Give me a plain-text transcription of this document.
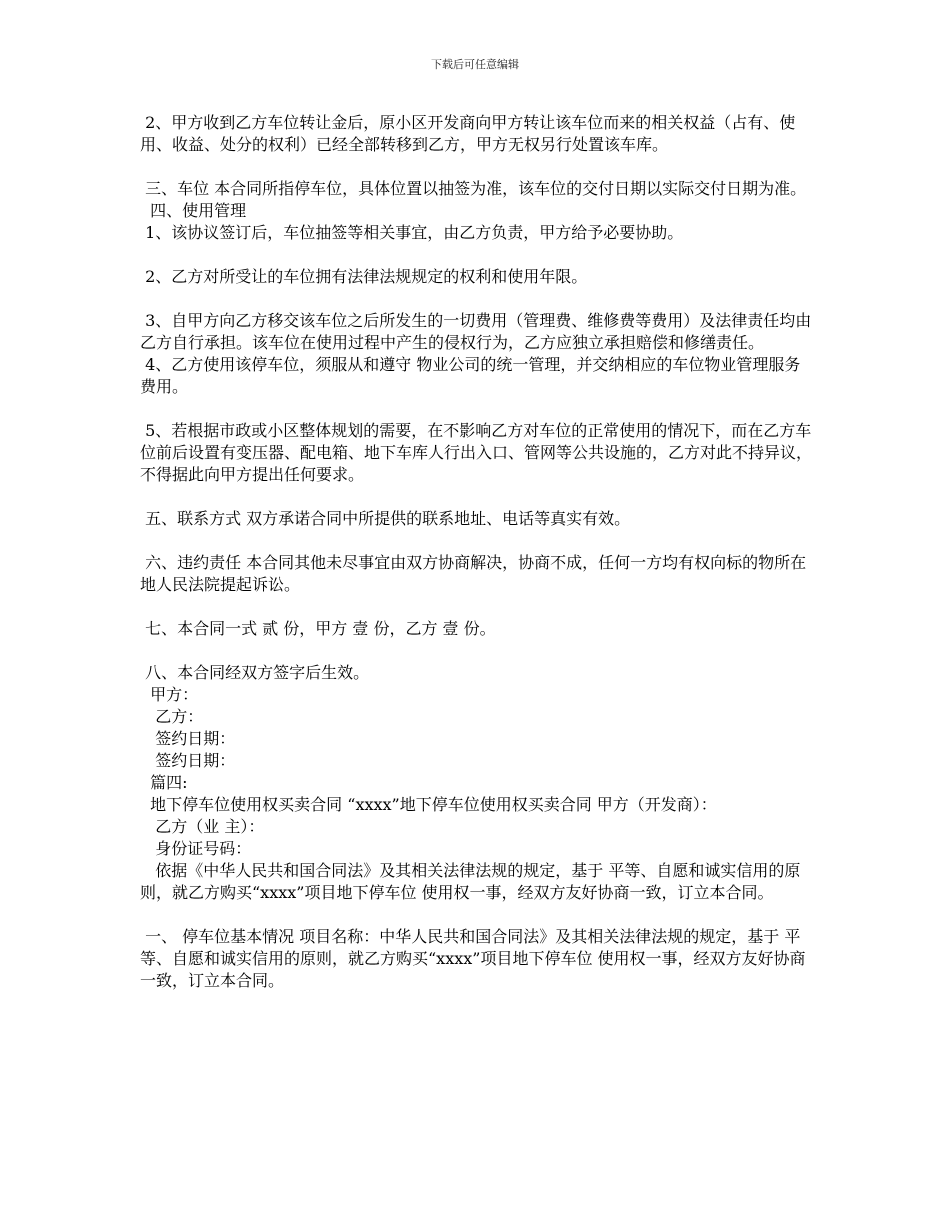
下载后可任意编辑

2、甲方收到乙方车位转让金后，原小区开发商向甲方转让该车位而来的相关权益（占有、使用、收益、处分的权利）已经全部转移到乙方，甲方无权另行处置该车库。

三、车位 本合同所指停车位，具体位置以抽签为准，该车位的交付日期以实际交付日期为准。

四、使用管理

1、该协议签订后，车位抽签等相关事宜，由乙方负责，甲方给予必要协助。

2、乙方对所受让的车位拥有法律法规规定的权利和使用年限。

3、自甲方向乙方移交该车位之后所发生的一切费用（管理费、维修费等费用）及法律责任均由乙方自行承担。该车位在使用过程中产生的侵权行为，乙方应独立承担赔偿和修缮责任。

4、乙方使用该停车位，须服从和遵守 物业公司的统一管理，并交纳相应的车位物业管理服务费用。

5、若根据市政或小区整体规划的需要，在不影响乙方对车位的正常使用的情况下，而在乙方车位前后设置有变压器、配电箱、地下车库人行出入口、管网等公共设施的，乙方对此不持异议，不得据此向甲方提出任何要求。

五、联系方式 双方承诺合同中所提供的联系地址、电话等真实有效。

六、违约责任 本合同其他未尽事宜由双方协商解决，协商不成，任何一方均有权向标的物所在地人民法院提起诉讼。

七、本合同一式 贰 份，甲方 壹 份，乙方 壹 份。

八、本合同经双方签字后生效。

甲方：

乙方：

签约日期：

签约日期：

篇四:

地下停车位使用权买卖合同 “xxxx”地下停车位使用权买卖合同 甲方（开发商）：

乙方（业 主）：

身份证号码：

依据《中华人民共和国合同法》及其相关法律法规的规定，基于 平等、自愿和诚实信用的原则，就乙方购买“xxxx”项目地下停车位 使用权一事，经双方友好协商一致，订立本合同。

一、 停车位基本情况 项目名称：中华人民共和国合同法》及其相关法律法规的规定，基于 平等、自愿和诚实信用的原则，就乙方购买“xxxx”项目地下停车位 使用权一事，经双方友好协商一致，订立本合同。
